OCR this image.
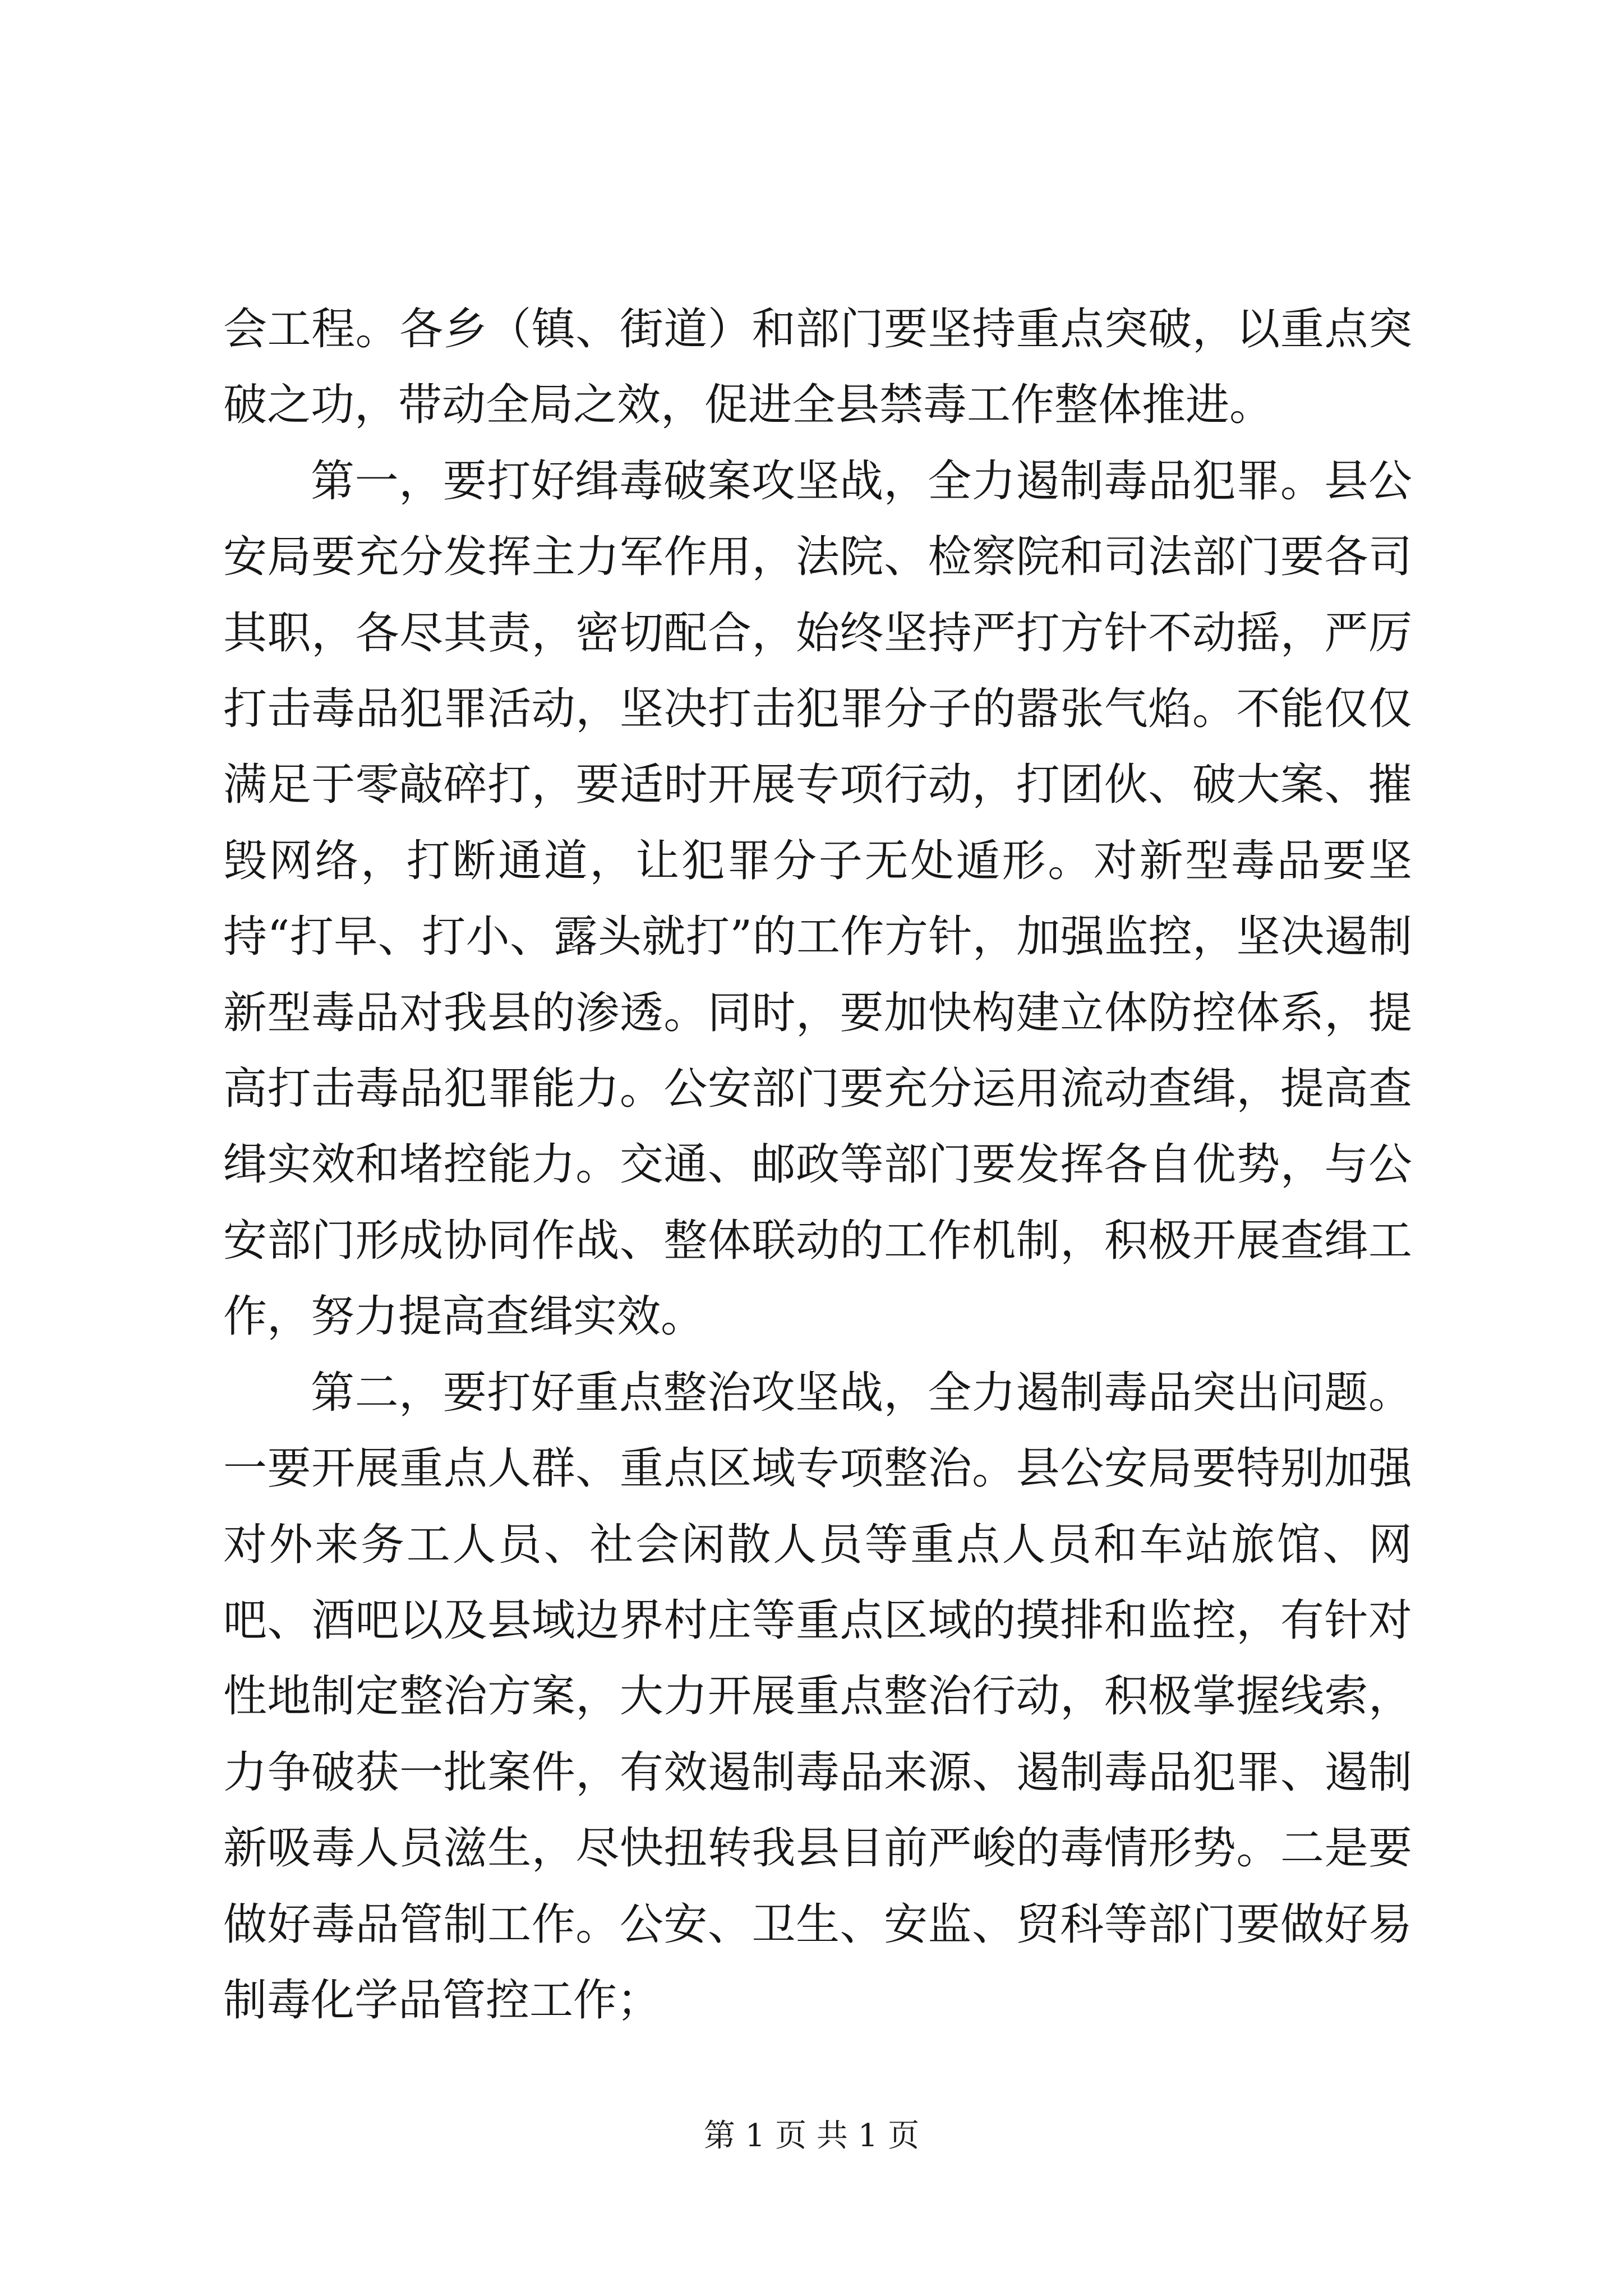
会工程。各乡（镇、街道）和部门要坚持重点突破，以重点突破之功，带动全局之效，促进全县禁毒工作整体推进。

第一，要打好缉毒破案攻坚战，全力遏制毒品犯罪。县公安局要充分发挥主力军作用，法院、检察院和司法部门要各司其职，各尽其责，密切配合，始终坚持严打方针不动摇，严厉打击毒品犯罪活动，坚决打击犯罪分子的嚣张气焰。不能仅仅满足于零敲碎打，要适时开展专项行动，打团伙、破大案、摧毁网络，打断通道，让犯罪分子无处遁形。对新型毒品要坚持“打早、打小、露头就打”的工作方针，加强监控，坚决遏制新型毒品对我县的渗透。同时，要加快构建立体防控体系，提高打击毒品犯罪能力。公安部门要充分运用流动查缉，提高查缉实效和堵控能力。交通、邮政等部门要发挥各自优势，与公安部门形成协同作战、整体联动的工作机制，积极开展查缉工作，努力提高查缉实效。

第二，要打好重点整治攻坚战，全力遏制毒品突出问题。一要开展重点人群、重点区域专项整治。县公安局要特别加强对外来务工人员、社会闲散人员等重点人员和车站旅馆、网吧、酒吧以及县域边界村庄等重点区域的摸排和监控，有针对性地制定整治方案，大力开展重点整治行动，积极掌握线索，力争破获一批案件，有效遏制毒品来源、遏制毒品犯罪、遏制新吸毒人员滋生，尽快扭转我县目前严峻的毒情形势。二是要做好毒品管制工作。公安、卫生、安监、贸科等部门要做好易制毒化学品管控工作；

第 1 页 共 1 页
